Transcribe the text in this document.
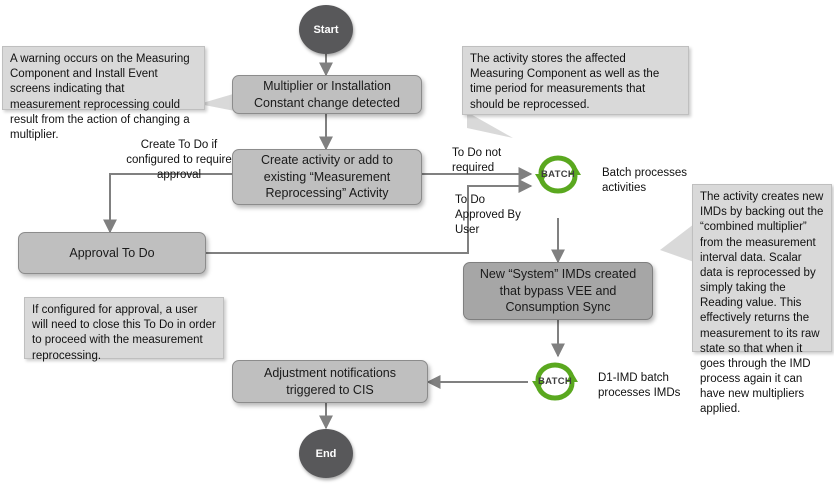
Start
End
Multiplier or Installation Constant change detected
Create activity or add to existing “Measurement Reprocessing” Activity
Approval To Do
New “System” IMDs created that bypass VEE and Consumption Sync
Adjustment notifications triggered to CIS
BATCH	Batch processes activities
BATCH	D1-IMD batch processes IMDs
Create To Do if configured to require approval
To Do not required
To Do Approved By User
A warning occurs on the Measuring Component and Install Event screens indicating that measurement reprocessing could result from the action of changing a multiplier.
The activity stores the affected Measuring Component as well as the time period for measurements that should be reprocessed.
If configured for approval, a user will need to close this To Do in order to proceed with the measurement reprocessing.
The activity creates new IMDs by backing out the “combined multiplier” from the measurement interval data. Scalar data is reprocessed by simply taking the Reading value. This effectively returns the measurement to its raw state so that when it goes through the IMD process again it can have new multipliers applied.
